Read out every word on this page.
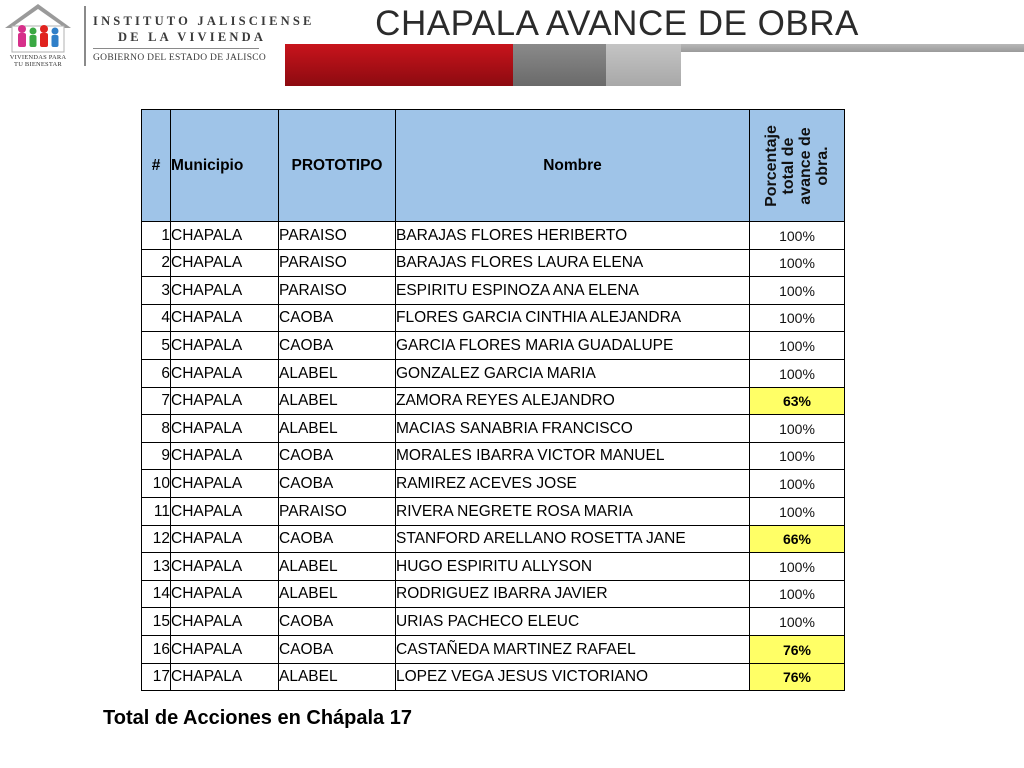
VIVIENDAS PARA
TU BIENESTAR
INSTITUTO JALISCIENSE
DE LA VIVIENDA
GOBIERNO DEL ESTADO DE JALISCO
CHAPALA AVANCE DE OBRA
#	Municipio	PROTOTIPO	Nombre	Porcentaje total de avance de obra.

1	CHAPALA	PARAISO	BARAJAS FLORES HERIBERTO	100%
2	CHAPALA	PARAISO	BARAJAS FLORES LAURA ELENA	100%
3	CHAPALA	PARAISO	ESPIRITU ESPINOZA ANA ELENA	100%
4	CHAPALA	CAOBA	FLORES GARCIA CINTHIA ALEJANDRA	100%
5	CHAPALA	CAOBA	GARCIA FLORES MARIA GUADALUPE	100%
6	CHAPALA	ALABEL	GONZALEZ GARCIA MARIA	100%
7	CHAPALA	ALABEL	ZAMORA REYES ALEJANDRO	63%
8	CHAPALA	ALABEL	MACIAS SANABRIA FRANCISCO	100%
9	CHAPALA	CAOBA	MORALES IBARRA VICTOR MANUEL	100%
10	CHAPALA	CAOBA	RAMIREZ ACEVES JOSE	100%
11	CHAPALA	PARAISO	RIVERA NEGRETE ROSA MARIA	100%
12	CHAPALA	CAOBA	STANFORD ARELLANO ROSETTA JANE	66%
13	CHAPALA	ALABEL	HUGO ESPIRITU ALLYSON	100%
14	CHAPALA	ALABEL	RODRIGUEZ IBARRA JAVIER	100%
15	CHAPALA	CAOBA	URIAS PACHECO ELEUC	100%
16	CHAPALA	CAOBA	CASTAÑEDA MARTINEZ RAFAEL	76%
17	CHAPALA	ALABEL	LOPEZ VEGA JESUS VICTORIANO	76%
Total de Acciones en Chápala 17
